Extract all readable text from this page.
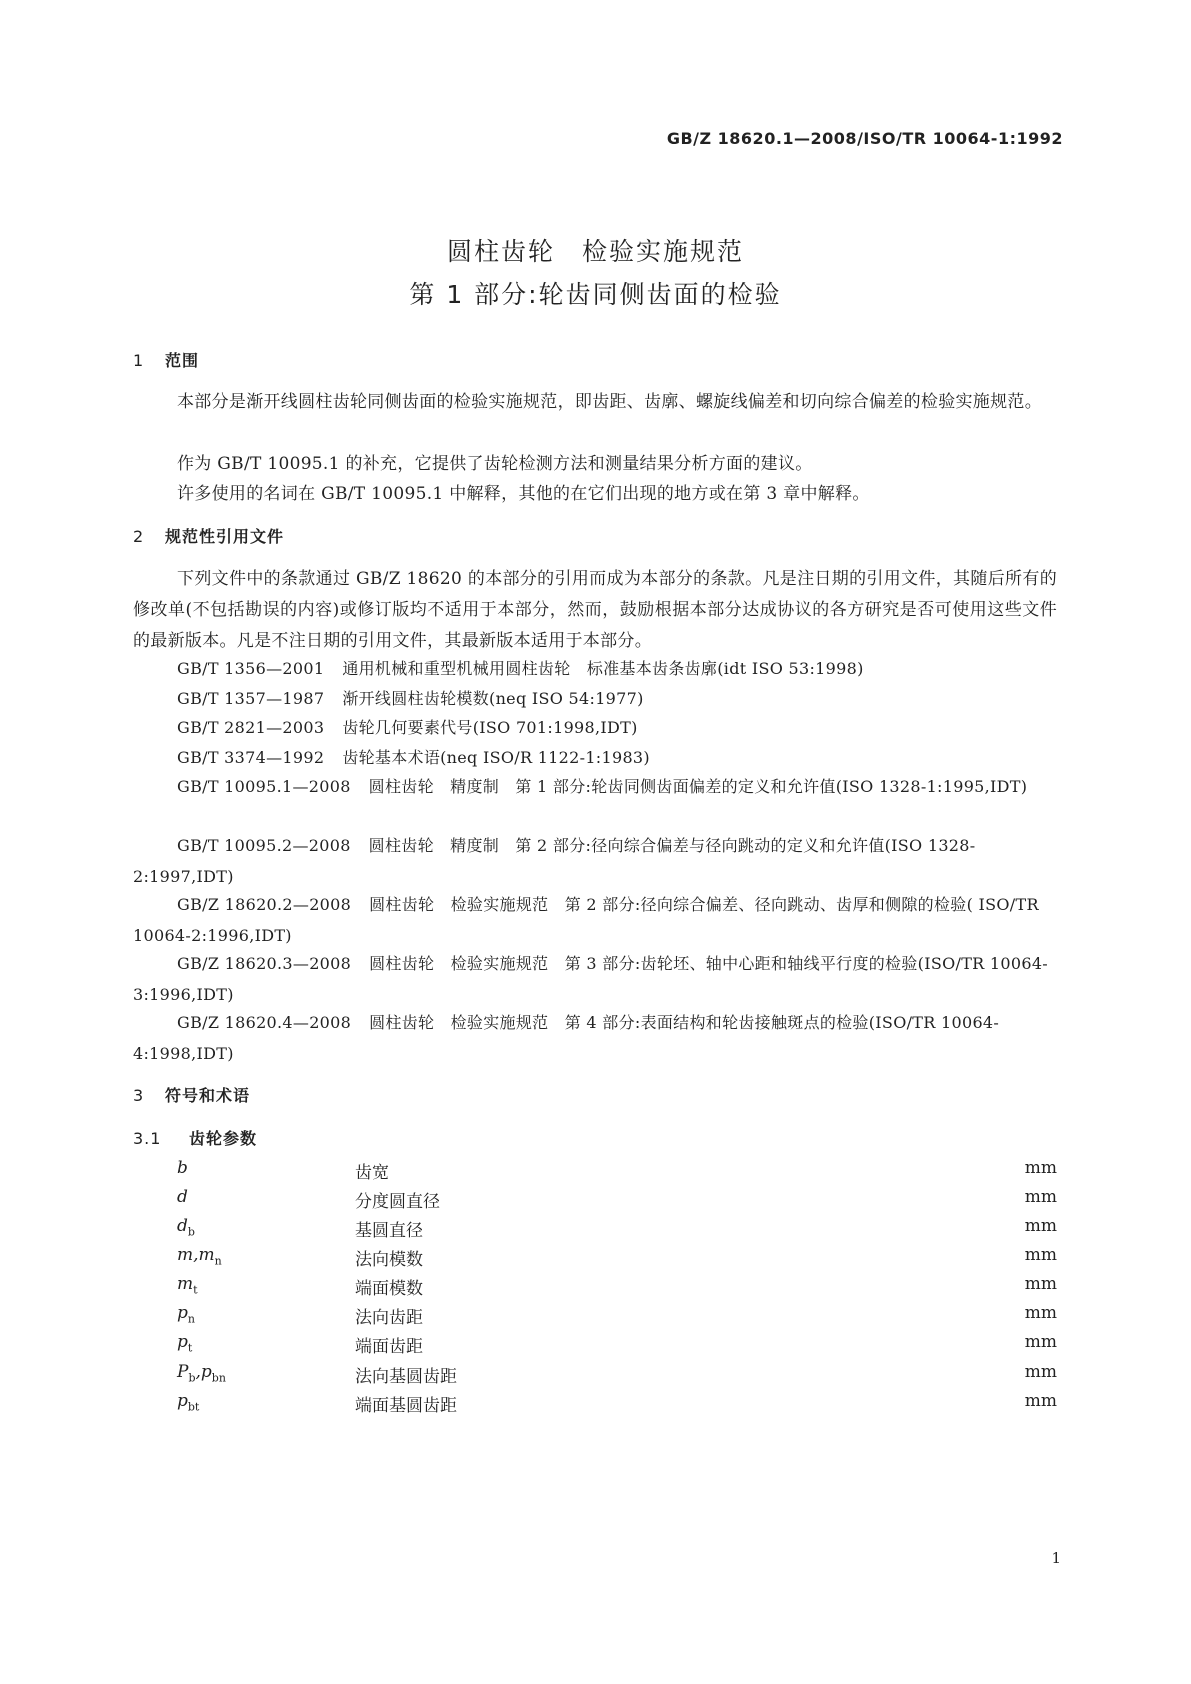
GB/Z 18620.1—2008/ISO/TR 10064-1:1992
圆柱齿轮　检验实施规范
第 1 部分:轮齿同侧齿面的检验
1 范围
本部分是渐开线圆柱齿轮同侧齿面的检验实施规范，即齿距、齿廓、螺旋线偏差和切向综合偏差的检验实施规范。
作为 GB/T 10095.1 的补充，它提供了齿轮检测方法和测量结果分析方面的建议。
许多使用的名词在 GB/T 10095.1 中解释，其他的在它们出现的地方或在第 3 章中解释。
2 规范性引用文件
下列文件中的条款通过 GB/Z 18620 的本部分的引用而成为本部分的条款。凡是注日期的引用文件，其随后所有的修改单(不包括勘误的内容)或修订版均不适用于本部分，然而，鼓励根据本部分达成协议的各方研究是否可使用这些文件的最新版本。凡是不注日期的引用文件，其最新版本适用于本部分。
GB/T 1356—2001 通用机械和重型机械用圆柱齿轮　标准基本齿条齿廓(idt ISO 53:1998)
GB/T 1357—1987 渐开线圆柱齿轮模数(neq ISO 54:1977)
GB/T 2821—2003 齿轮几何要素代号(ISO 701:1998,IDT)
GB/T 3374—1992 齿轮基本术语(neq ISO/R 1122-1:1983)
GB/T 10095.1—2008 圆柱齿轮　精度制　第 1 部分:轮齿同侧齿面偏差的定义和允许值(ISO 1328-1:1995,IDT)
GB/T 10095.2—2008 圆柱齿轮　精度制　第 2 部分:径向综合偏差与径向跳动的定义和允许值(ISO 1328-2:1997,IDT)
GB/Z 18620.2—2008 圆柱齿轮　检验实施规范　第 2 部分:径向综合偏差、径向跳动、齿厚和侧隙的检验( ISO/TR 10064-2:1996,IDT)
GB/Z 18620.3—2008 圆柱齿轮　检验实施规范　第 3 部分:齿轮坯、轴中心距和轴线平行度的检验(ISO/TR 10064-3:1996,IDT)
GB/Z 18620.4—2008 圆柱齿轮　检验实施规范　第 4 部分:表面结构和轮齿接触斑点的检验(ISO/TR 10064-4:1998,IDT)
3 符号和术语
3.1 齿轮参数
b	齿宽	mm
d	分度圆直径	mm
$d_b$	基圆直径	mm
$m,m_n$	法向模数	mm
$m_t$	端面模数	mm
$p_n$	法向齿距	mm
$p_t$	端面齿距	mm
$P_b,p_{bn}$	法向基圆齿距	mm
$p_{bt}$	端面基圆齿距	mm
1
